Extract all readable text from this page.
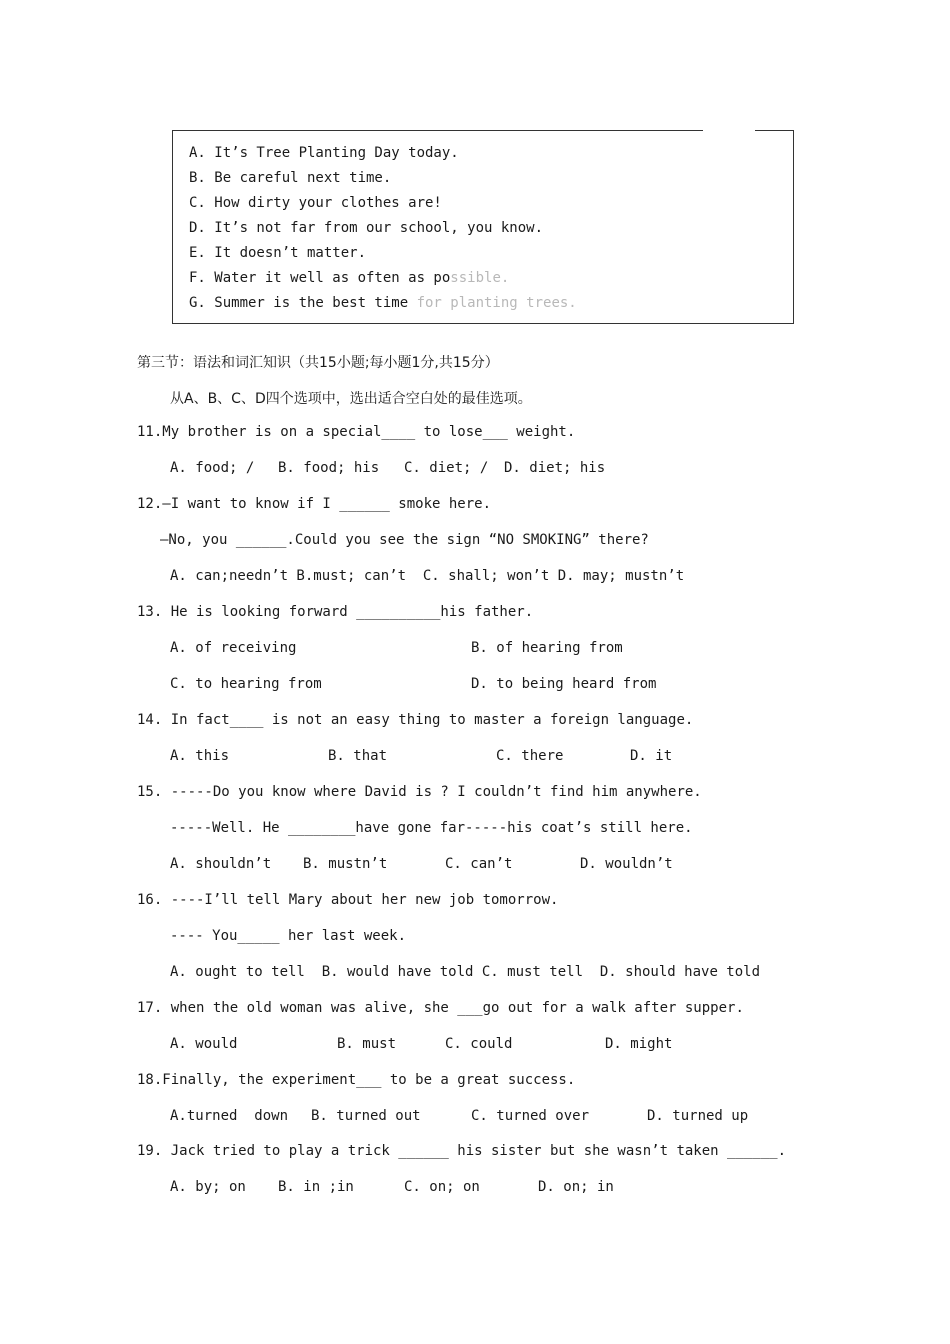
A. It’s Tree Planting Day today.
B. Be careful next time.
C. How dirty your clothes are!
D. It’s not far from our school, you know.
E. It doesn’t matter.
F. Water it well as often as possible.
G. Summer is the best time for planting trees.
第三节：语法和词汇知识（共15小题;每小题1分,共15分）
从A、B、C、D四个选项中，选出适合空白处的最佳选项。
11.My brother is on a special____ to lose___ weight.
A. food; / B. food; his C. diet; / D. diet; his
12.—I want to know if I ______ smoke here.
—No, you ______.Could you see the sign “NO SMOKING” there?
A. can;needn’t B.must; can’t  C. shall; won’t D. may; mustn’t
13. He is looking forward __________his father.
A. of receiving	B. of hearing from
C. to hearing from	D. to being heard from
14. In fact____ is not an easy thing to master a foreign language.
A. this	B. that	C. there	D. it
15. -----Do you know where David is ? I couldn’t find him anywhere.
-----Well. He ________have gone far-----his coat’s still here.
A. shouldn’t B. mustn’t	C. can’t	D. wouldn’t
16. ----I’ll tell Mary about her new job tomorrow.
---- You_____ her last week.
A. ought to tell  B. would have told C. must tell  D. should have told
17. when the old woman was alive, she ___go out for a walk after supper.
A. would	B. must	C. could	D. might
18.Finally, the experiment___ to be a great success.
A.turned  down B. turned out	C. turned over	D. turned up
19. Jack tried to play a trick ______ his sister but she wasn’t taken ______.
A. by; on B. in ;in	C. on; on	D. on; in
